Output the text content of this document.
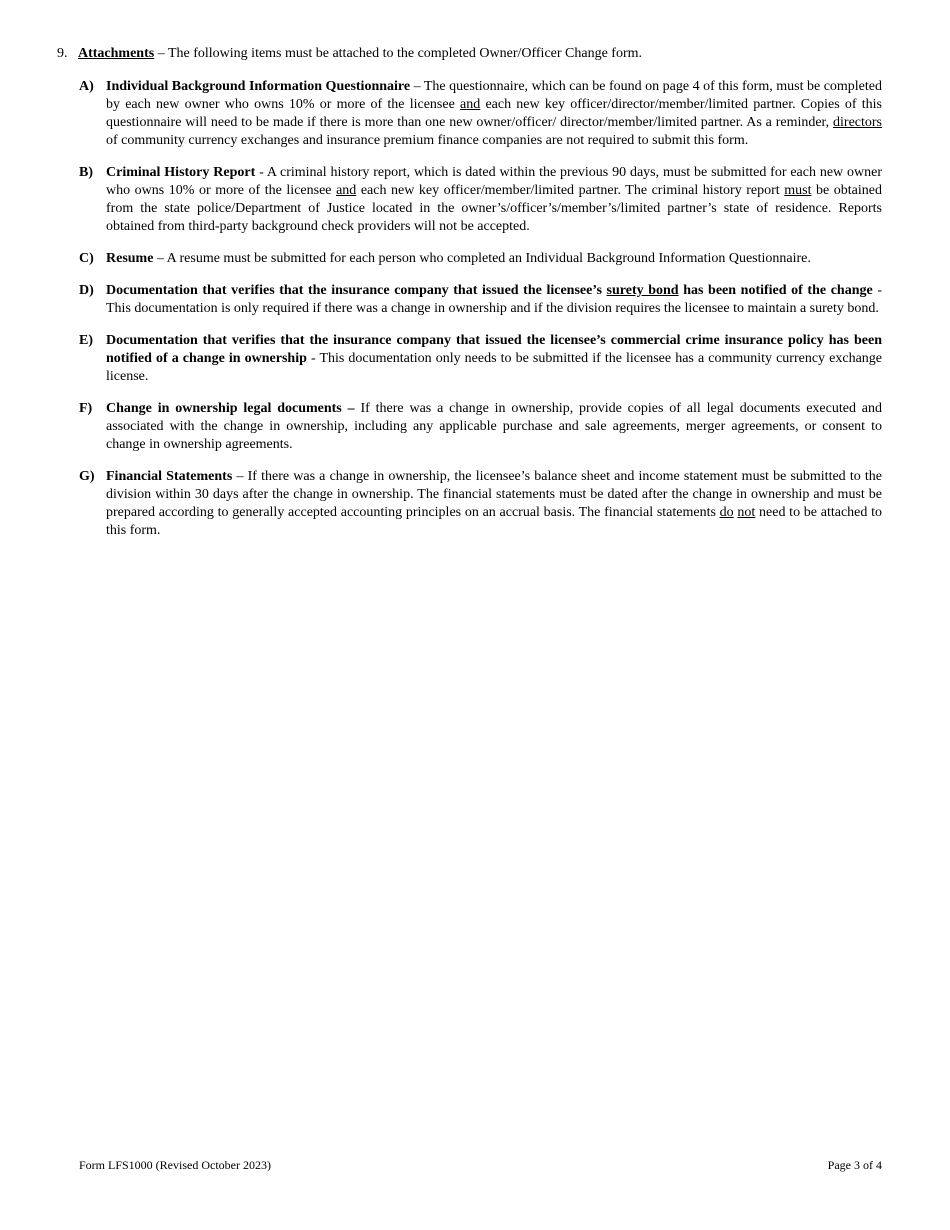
9. Attachments – The following items must be attached to the completed Owner/Officer Change form.
A) Individual Background Information Questionnaire – The questionnaire, which can be found on page 4 of this form, must be completed by each new owner who owns 10% or more of the licensee and each new key officer/director/member/limited partner. Copies of this questionnaire will need to be made if there is more than one new owner/officer/ director/member/limited partner. As a reminder, directors of community currency exchanges and insurance premium finance companies are not required to submit this form.
B) Criminal History Report - A criminal history report, which is dated within the previous 90 days, must be submitted for each new owner who owns 10% or more of the licensee and each new key officer/member/limited partner. The criminal history report must be obtained from the state police/Department of Justice located in the owner’s/officer’s/member’s/limited partner’s state of residence. Reports obtained from third-party background check providers will not be accepted.
C) Resume – A resume must be submitted for each person who completed an Individual Background Information Questionnaire.
D) Documentation that verifies that the insurance company that issued the licensee’s surety bond has been notified of the change - This documentation is only required if there was a change in ownership and if the division requires the licensee to maintain a surety bond.
E) Documentation that verifies that the insurance company that issued the licensee’s commercial crime insurance policy has been notified of a change in ownership - This documentation only needs to be submitted if the licensee has a community currency exchange license.
F) Change in ownership legal documents – If there was a change in ownership, provide copies of all legal documents executed and associated with the change in ownership, including any applicable purchase and sale agreements, merger agreements, or consent to change in ownership agreements.
G) Financial Statements – If there was a change in ownership, the licensee’s balance sheet and income statement must be submitted to the division within 30 days after the change in ownership. The financial statements must be dated after the change in ownership and must be prepared according to generally accepted accounting principles on an accrual basis. The financial statements do not need to be attached to this form.
Form LFS1000 (Revised October 2023)	Page 3 of 4
